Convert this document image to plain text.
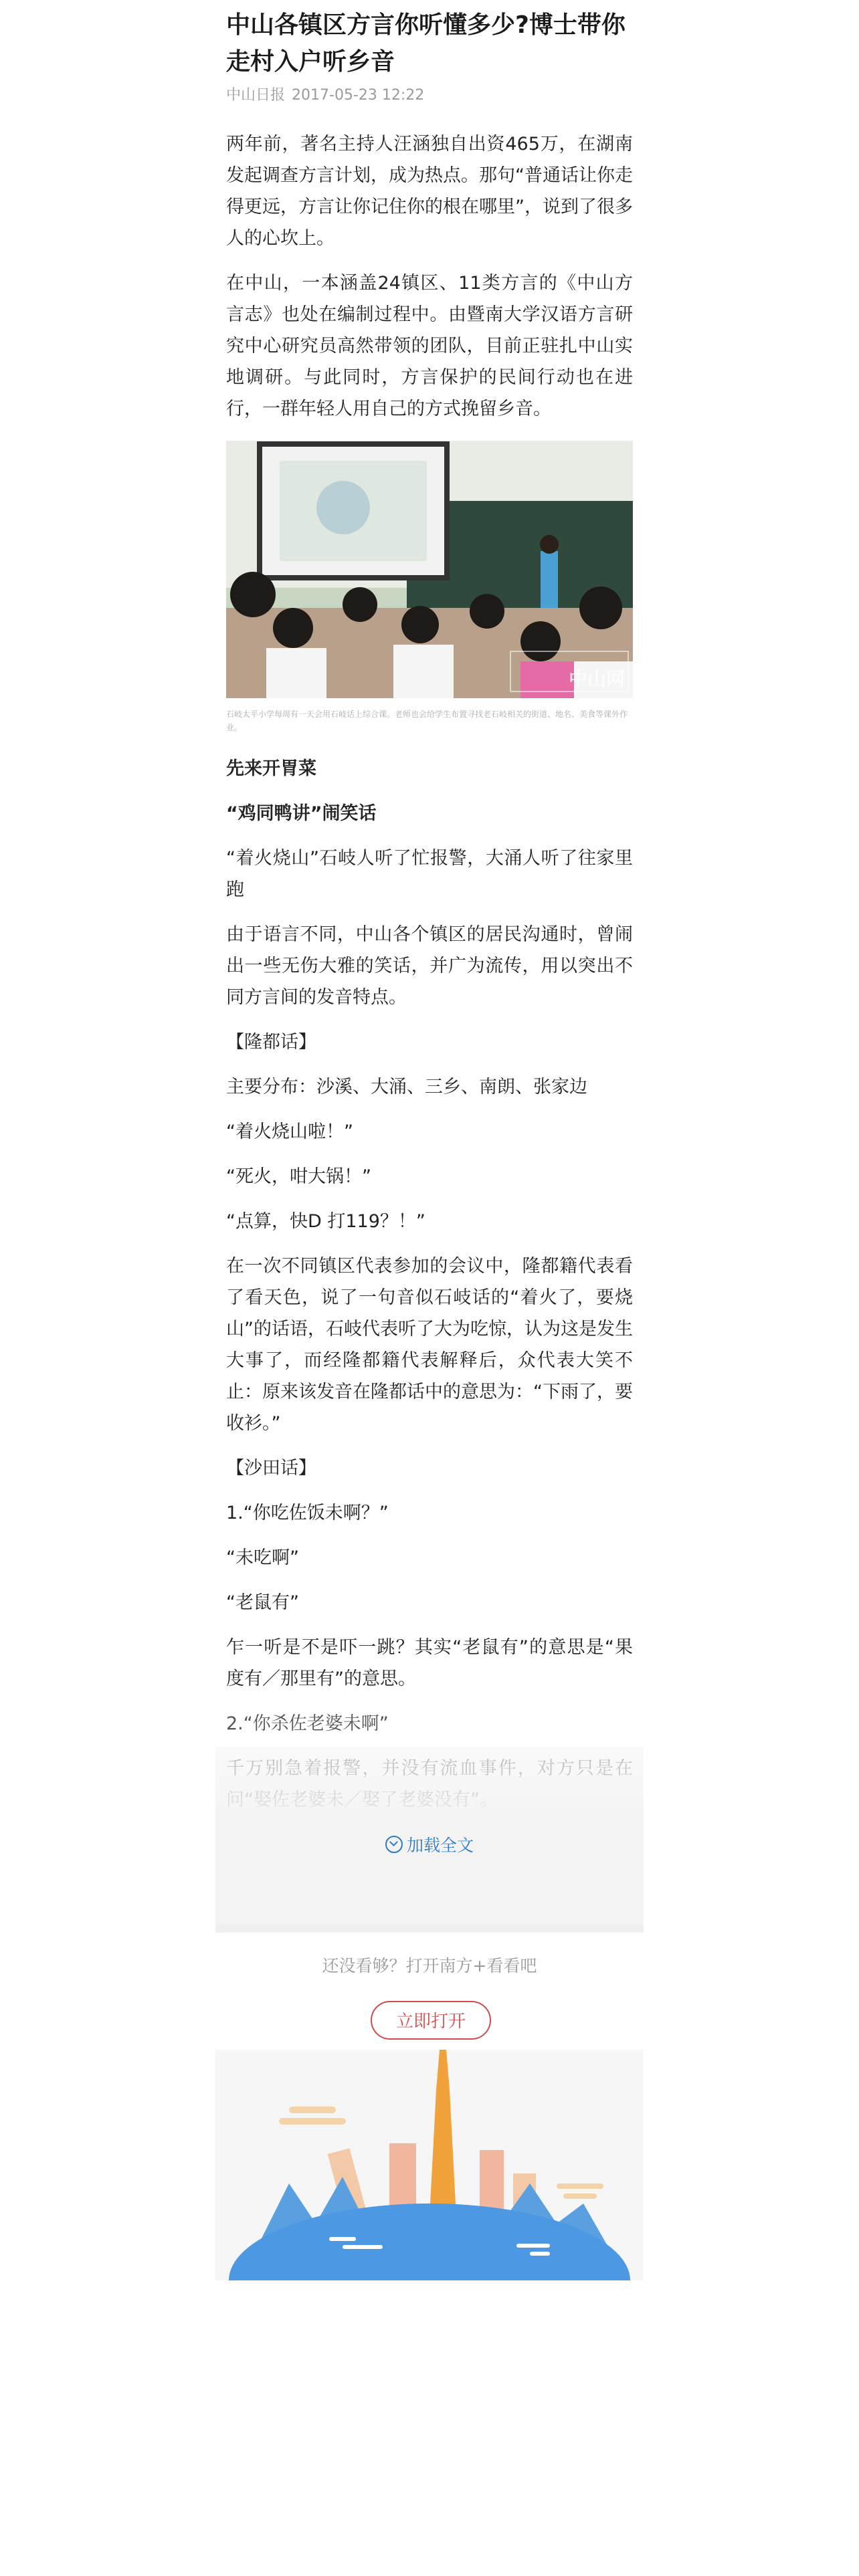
中山各镇区方言你听懂多少?博士带你走村入户听乡音
中山日报 2017-05-23 12:22

两年前，著名主持人汪涵独自出资465万，在湖南发起调查方言计划，成为热点。那句“普通话让你走得更远，方言让你记住你的根在哪里”，说到了很多人的心坎上。

在中山，一本涵盖24镇区、11类方言的《中山方言志》也处在编制过程中。由暨南大学汉语方言研究中心研究员高然带领的团队，目前正驻扎中山实地调研。与此同时，方言保护的民间行动也在进行，一群年轻人用自己的方式挽留乡音。

中山网
石岐太平小学每周有一天会用石岐话上综合课。老师也会给学生布置寻找老石岐相关的街道、地名、美食等课外作业。

先来开胃菜

“鸡同鸭讲”闹笑话

“着火烧山”石岐人听了忙报警，大涌人听了往家里跑

由于语言不同，中山各个镇区的居民沟通时，曾闹出一些无伤大雅的笑话，并广为流传，用以突出不同方言间的发音特点。

【隆都话】

主要分布：沙溪、大涌、三乡、南朗、张家边

“着火烧山啦！”

“死火，咁大锅！”

“点算，快D 打119？！”

在一次不同镇区代表参加的会议中，隆都籍代表看了看天色，说了一句音似石岐话的“着火了，要烧山”的话语，石岐代表听了大为吃惊，认为这是发生大事了，而经隆都籍代表解释后，众代表大笑不止：原来该发音在隆都话中的意思为：“下雨了，要收衫。”

【沙田话】

1.“你吃佐饭未啊？”

“未吃啊”

“老鼠有”

乍一听是不是吓一跳？其实“老鼠有”的意思是“果度有／那里有”的意思。

2.“你杀佐老婆未啊”

加载全文
还没看够？打开南方+看看吧
立即打开
